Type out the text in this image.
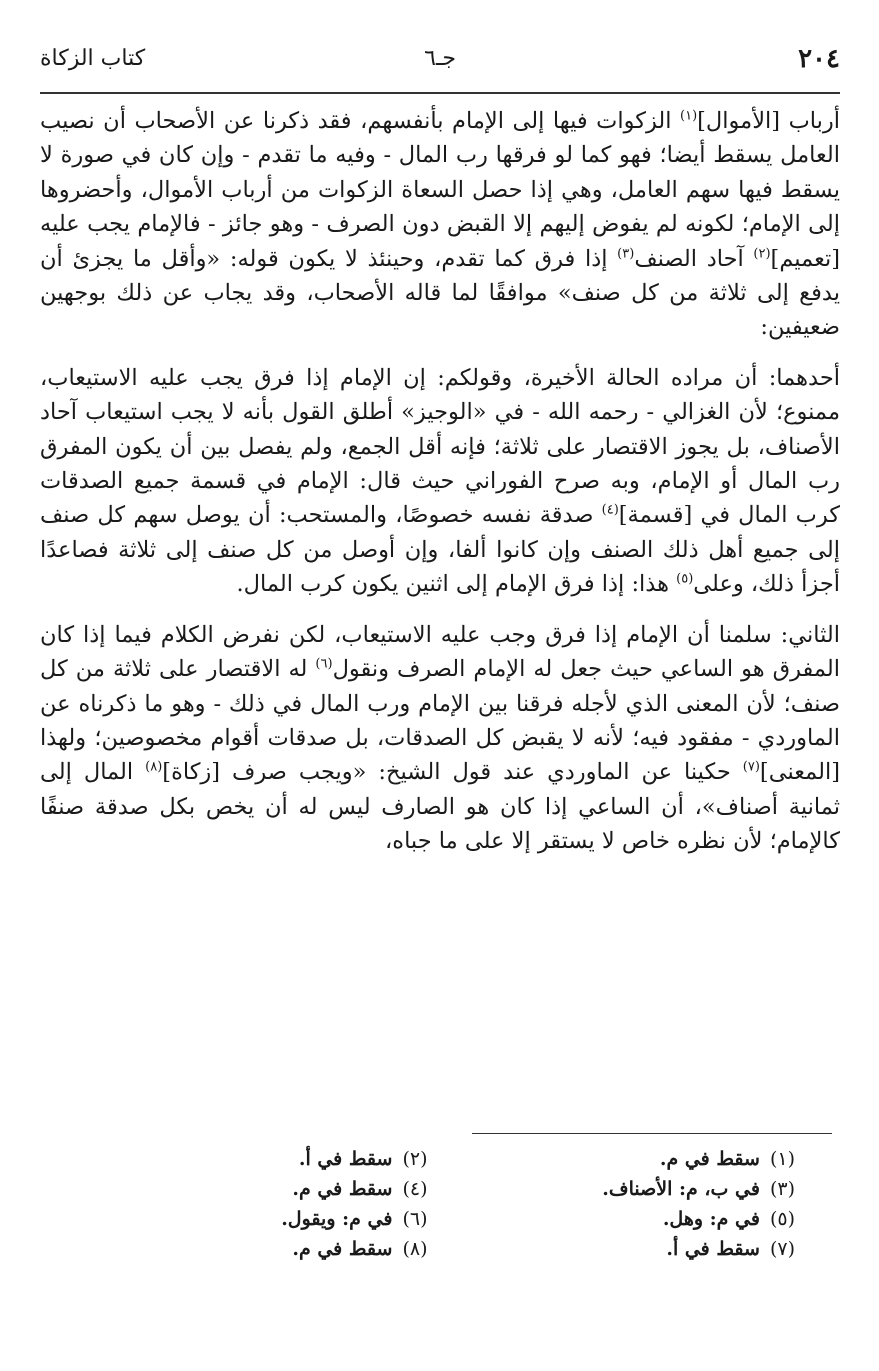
٢٠٤
جـ٦
كتاب الزكاة

أرباب [الأموال]$^{(١)}$ الزكوات فيها إلى الإمام بأنفسهم، فقد ذكرنا عن الأصحاب أن نصيب العامل يسقط أيضا؛ فهو كما لو فرقها رب المال - وفيه ما تقدم - وإن كان في صورة لا يسقط فيها سهم العامل، وهي إذا حصل السعاة الزكوات من أرباب الأموال، وأحضروها إلى الإمام؛ لكونه لم يفوض إليهم إلا القبض دون الصرف - وهو جائز - فالإمام يجب عليه [تعميم]$^{(٢)}$ آحاد الصنف$^{(٣)}$ إذا فرق كما تقدم، وحينئذ لا يكون قوله: «وأقل ما يجزئ أن يدفع إلى ثلاثة من كل صنف» موافقًا لما قاله الأصحاب، وقد يجاب عن ذلك بوجهين ضعيفين:

أحدهما: أن مراده الحالة الأخيرة، وقولكم: إن الإمام إذا فرق يجب عليه الاستيعاب، ممنوع؛ لأن الغزالي - رحمه الله - في «الوجيز» أطلق القول بأنه لا يجب استيعاب آحاد الأصناف، بل يجوز الاقتصار على ثلاثة؛ فإنه أقل الجمع، ولم يفصل بين أن يكون المفرق رب المال أو الإمام، وبه صرح الفوراني حيث قال: الإمام في قسمة جميع الصدقات كرب المال في [قسمة]$^{(٤)}$ صدقة نفسه خصوصًا، والمستحب: أن يوصل سهم كل صنف إلى جميع أهل ذلك الصنف وإن كانوا ألفا، وإن أوصل من كل صنف إلى ثلاثة فصاعدًا أجزأ ذلك، وعلى$^{(٥)}$ هذا: إذا فرق الإمام إلى اثنين يكون كرب المال.

الثاني: سلمنا أن الإمام إذا فرق وجب عليه الاستيعاب، لكن نفرض الكلام فيما إذا كان المفرق هو الساعي حيث جعل له الإمام الصرف ونقول$^{(٦)}$ له الاقتصار على ثلاثة من كل صنف؛ لأن المعنى الذي لأجله فرقنا بين الإمام ورب المال في ذلك - وهو ما ذكرناه عن الماوردي - مفقود فيه؛ لأنه لا يقبض كل الصدقات، بل صدقات أقوام مخصوصين؛ ولهذا [المعنى]$^{(٧)}$ حكينا عن الماوردي عند قول الشيخ: «ويجب صرف [زكاة]$^{(٨)}$ المال إلى ثمانية أصناف»، أن الساعي إذا كان هو الصارف ليس له أن يخص بكل صدقة صنفًا كالإمام؛ لأن نظره خاص لا يستقر إلا على ما جباه،

(١)سقط في م.
(٢)سقط في أ.
(٣)في ب، م: الأصناف.
(٤)سقط في م.
(٥)في م: وهل.
(٦)في م: ويقول.
(٧)سقط في أ.
(٨)سقط في م.
